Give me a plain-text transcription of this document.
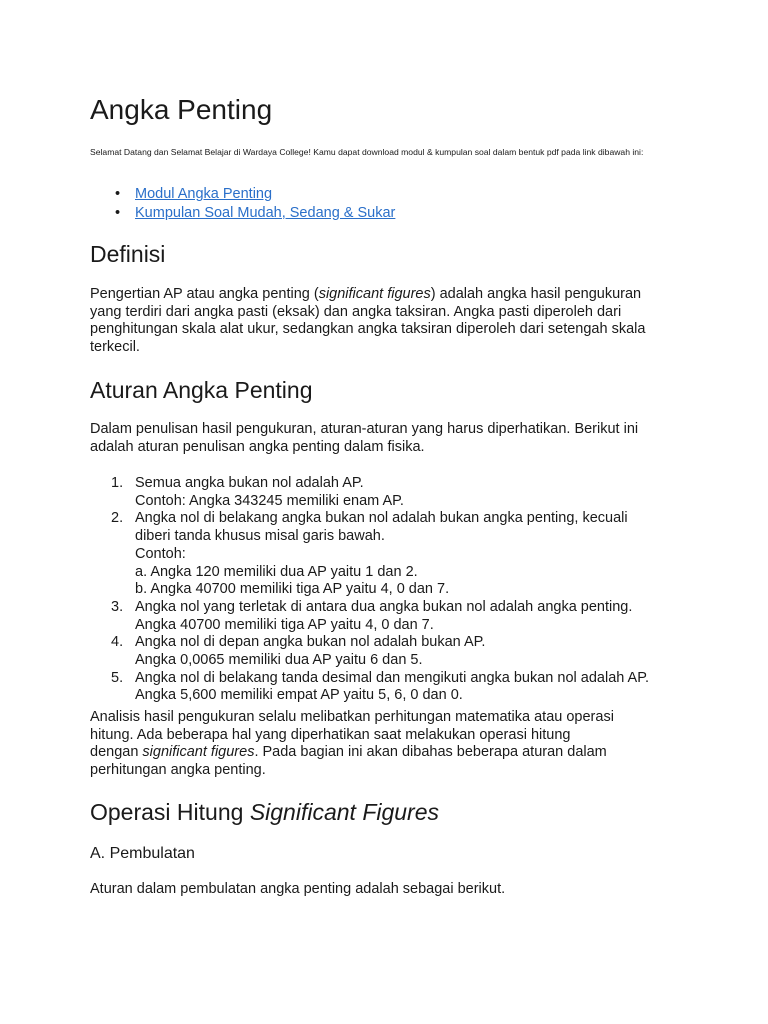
Angka Penting

Selamat Datang dan Selamat Belajar di Wardaya College! Kamu dapat download modul & kumpulan soal dalam bentuk pdf pada link dibawah ini:

• Modul Angka Penting
• Kumpulan Soal Mudah, Sedang & Sukar
Definisi
Pengertian AP atau angka penting (significant figures) adalah angka hasil pengukuran
yang terdiri dari angka pasti (eksak) dan angka taksiran. Angka pasti diperoleh dari
penghitungan skala alat ukur, sedangkan angka taksiran diperoleh dari setengah skala
terkecil.
Aturan Angka Penting
Dalam penulisan hasil pengukuran, aturan-aturan yang harus diperhatikan. Berikut ini
adalah aturan penulisan angka penting dalam fisika.
1. Semua angka bukan nol adalah AP.
Contoh: Angka 343245 memiliki enam AP.
2. Angka nol di belakang angka bukan nol adalah bukan angka penting, kecuali
diberi tanda khusus misal garis bawah.
Contoh:
a. Angka 120 memiliki dua AP yaitu 1 dan 2.
b. Angka 40700 memiliki tiga AP yaitu 4, 0 dan 7.
3. Angka nol yang terletak di antara dua angka bukan nol adalah angka penting.
Angka 40700 memiliki tiga AP yaitu 4, 0 dan 7.
4. Angka nol di depan angka bukan nol adalah bukan AP.
Angka 0,0065 memiliki dua AP yaitu 6 dan 5.
5. Angka nol di belakang tanda desimal dan mengikuti angka bukan nol adalah AP.
Angka 5,600 memiliki empat AP yaitu 5, 6, 0 dan 0.
Analisis hasil pengukuran selalu melibatkan perhitungan matematika atau operasi
hitung. Ada beberapa hal yang diperhatikan saat melakukan operasi hitung
dengan significant figures. Pada bagian ini akan dibahas beberapa aturan dalam
perhitungan angka penting.
Operasi Hitung Significant Figures
A. Pembulatan

Aturan dalam pembulatan angka penting adalah sebagai berikut.
